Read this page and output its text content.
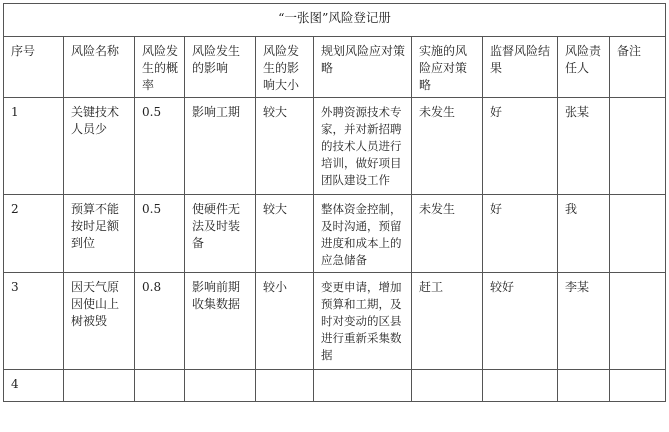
“一张图”风险登记册									
序号	风险名称	风险发生的概率	风险发生的影响	风险发生的影响大小	规划风险应对策略	实施的风险应对策略	监督风险结果	风险责任人	备注
1	关键技术人员少	0.5	影响工期	较大	外聘资源技术专家，并对新招聘的技术人员进行培训，做好项目团队建设工作	未发生	好	张某	
2	预算不能按时足额到位	0.5	使硬件无法及时装备	较大	整体资金控制，及时沟通，预留进度和成本上的应急储备	未发生	好	我	
3	因天气原因使山上树被毁	0.8	影响前期收集数据	较小	变更申请，增加预算和工期，及时对变动的区县进行重新采集数据	赶工	较好	李某	
4									
